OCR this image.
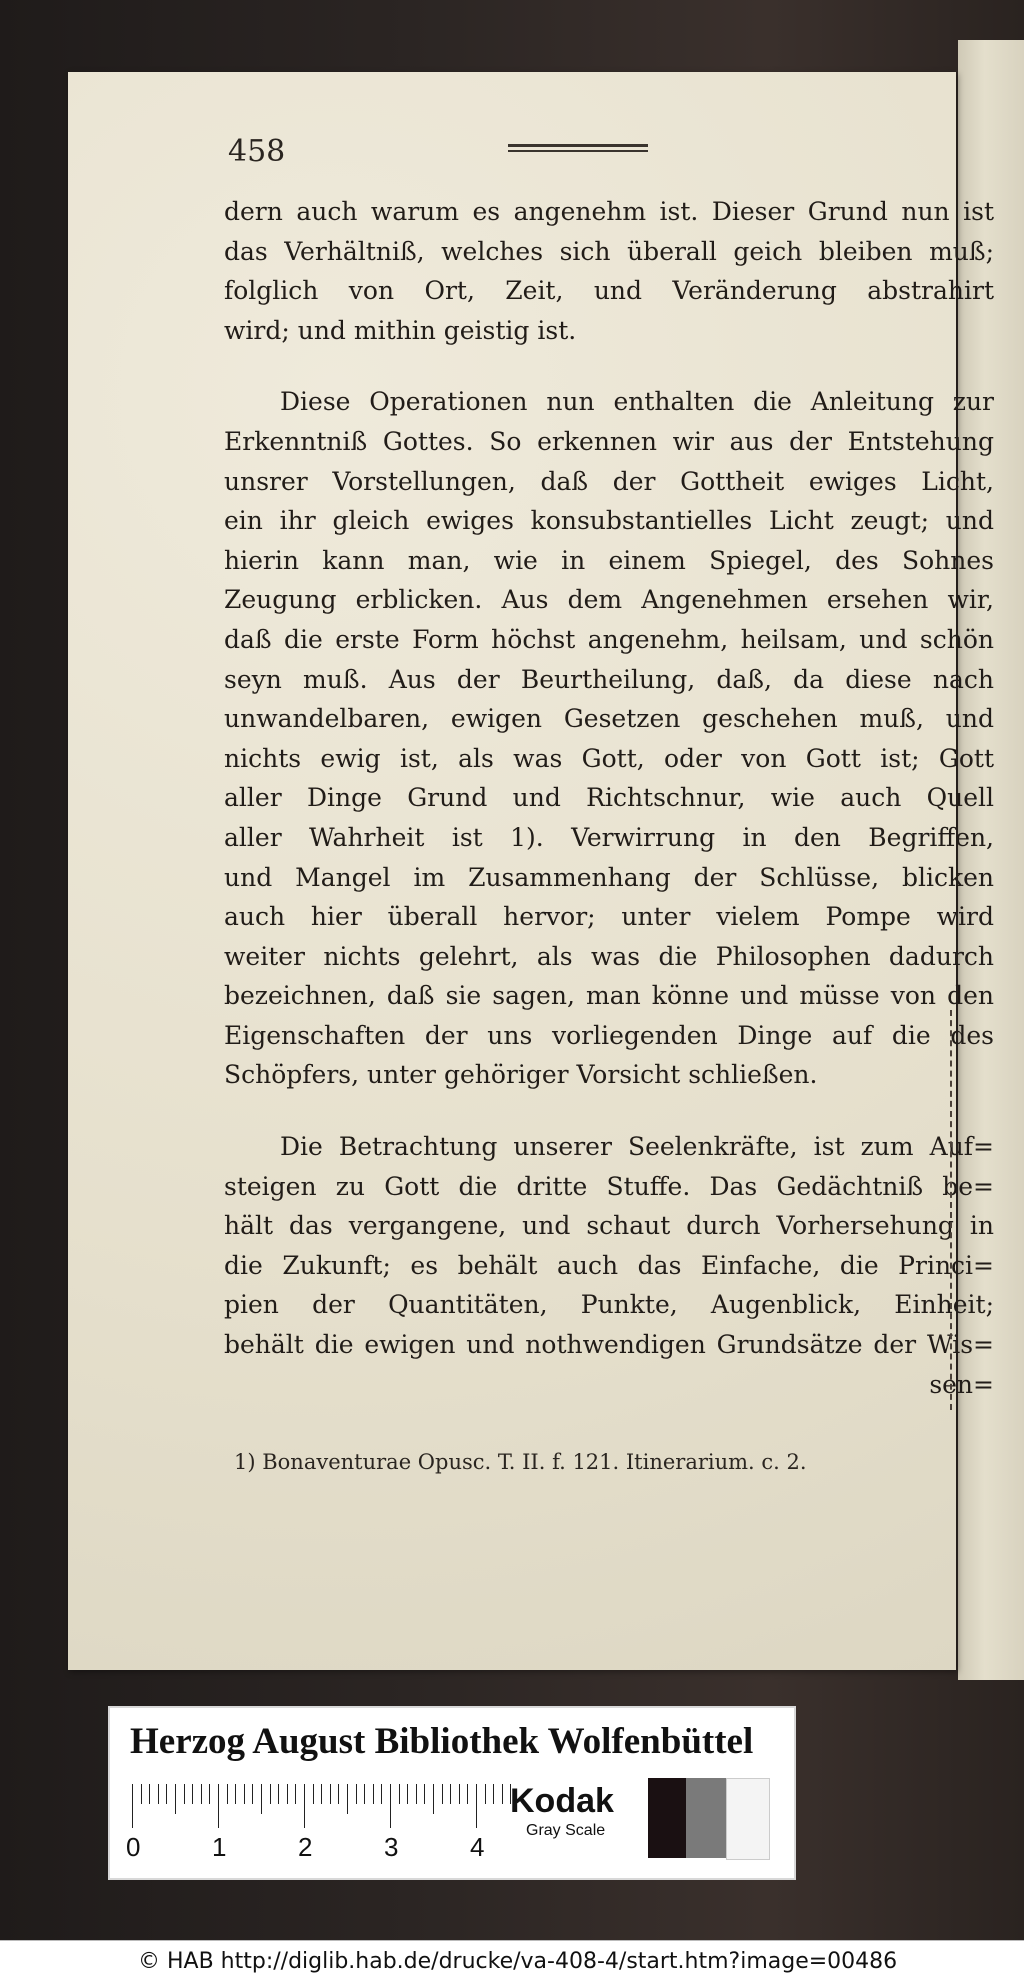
458
dern auch warum es angenehm ist. Dieser Grund nun ist
das Verhältniß, welches sich überall geich bleiben muß;
folglich von Ort, Zeit, und Veränderung abstrahirt
wird; und mithin geistig ist.
Diese Operationen nun enthalten die Anleitung zur
Erkenntniß Gottes. So erkennen wir aus der Entstehung
unsrer Vorstellungen, daß der Gottheit ewiges Licht,
ein ihr gleich ewiges konsubstantielles Licht zeugt; und
hierin kann man, wie in einem Spiegel, des Sohnes
Zeugung erblicken. Aus dem Angenehmen ersehen wir,
daß die erste Form höchst angenehm, heilsam, und schön
seyn muß. Aus der Beurtheilung, daß, da diese nach
unwandelbaren, ewigen Gesetzen geschehen muß, und
nichts ewig ist, als was Gott, oder von Gott ist; Gott
aller Dinge Grund und Richtschnur, wie auch Quell
aller Wahrheit ist 1). Verwirrung in den Begriffen,
und Mangel im Zusammenhang der Schlüsse, blicken
auch hier überall hervor; unter vielem Pompe wird
weiter nichts gelehrt, als was die Philosophen dadurch
bezeichnen, daß sie sagen, man könne und müsse von den
Eigenschaften der uns vorliegenden Dinge auf die des
Schöpfers, unter gehöriger Vorsicht schließen.
Die Betrachtung unserer Seelenkräfte, ist zum Auf=
steigen zu Gott die dritte Stuffe. Das Gedächtniß be=
hält das vergangene, und schaut durch Vorhersehung in
die Zukunft; es behält auch das Einfache, die Princi=
pien der Quantitäten, Punkte, Augenblick, Einheit;
behält die ewigen und nothwendigen Grundsätze der Wis=
sen=
1) Bonaventurae Opusc. T. II. f. 121. Itinerarium. c. 2.
Herzog August Bibliothek Wolfenbüttel
0	1	2	3	4
Kodak
Gray Scale
© HAB http://diglib.hab.de/drucke/va-408-4/start.htm?image=00486
